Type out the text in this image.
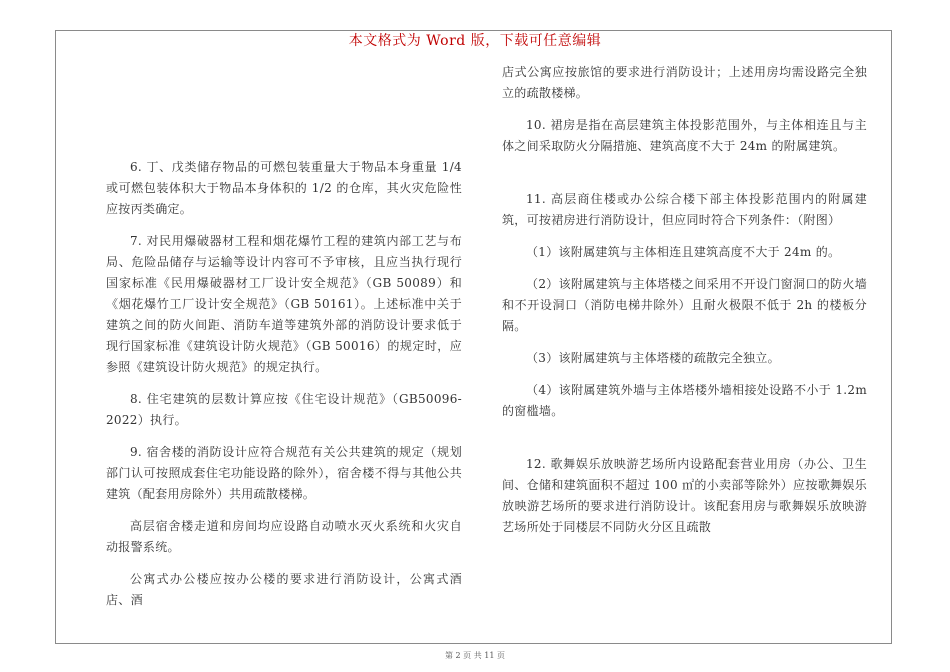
本文格式为 Word 版，下载可任意编辑

6. 丁、戊类储存物品的可燃包装重量大于物品本身重量 1/4 或可燃包装体积大于物品本身体积的 1/2 的仓库，其火灾危险性应按丙类确定。

7. 对民用爆破器材工程和烟花爆竹工程的建筑内部工艺与布局、危险品储存与运输等设计内容可不予审核，且应当执行现行国家标准《民用爆破器材工厂设计安全规范》（GB 50089）和《烟花爆竹工厂设计安全规范》（GB 50161）。上述标准中关于建筑之间的防火间距、消防车道等建筑外部的消防设计要求低于现行国家标准《建筑设计防火规范》（GB 50016）的规定时，应参照《建筑设计防火规范》的规定执行。

8. 住宅建筑的层数计算应按《住宅设计规范》（GB50096-2022）执行。

9. 宿舍楼的消防设计应符合规范有关公共建筑的规定（规划部门认可按照成套住宅功能设路的除外），宿舍楼不得与其他公共建筑（配套用房除外）共用疏散楼梯。

高层宿舍楼走道和房间均应设路自动喷水灭火系统和火灾自动报警系统。

公寓式办公楼应按办公楼的要求进行消防设计，公寓式酒店、酒

店式公寓应按旅馆的要求进行消防设计；上述用房均需设路完全独立的疏散楼梯。

10. 裙房是指在高层建筑主体投影范围外，与主体相连且与主体之间采取防火分隔措施、建筑高度不大于 24m 的附属建筑。

11. 高层商住楼或办公综合楼下部主体投影范围内的附属建筑，可按裙房进行消防设计，但应同时符合下列条件：（附图）

（1）该附属建筑与主体相连且建筑高度不大于 24m 的。

（2）该附属建筑与主体塔楼之间采用不开设门窗洞口的防火墙和不开设洞口（消防电梯井除外）且耐火极限不低于 2h 的楼板分隔。

（3）该附属建筑与主体塔楼的疏散完全独立。

（4）该附属建筑外墙与主体塔楼外墙相接处设路不小于 1.2m 的窗槛墙。

12. 歌舞娱乐放映游艺场所内设路配套营业用房（办公、卫生间、仓储和建筑面积不超过 100 ㎡的小卖部等除外）应按歌舞娱乐放映游艺场所的要求进行消防设计。该配套用房与歌舞娱乐放映游艺场所处于同楼层不同防火分区且疏散

第 2 页 共 11 页
